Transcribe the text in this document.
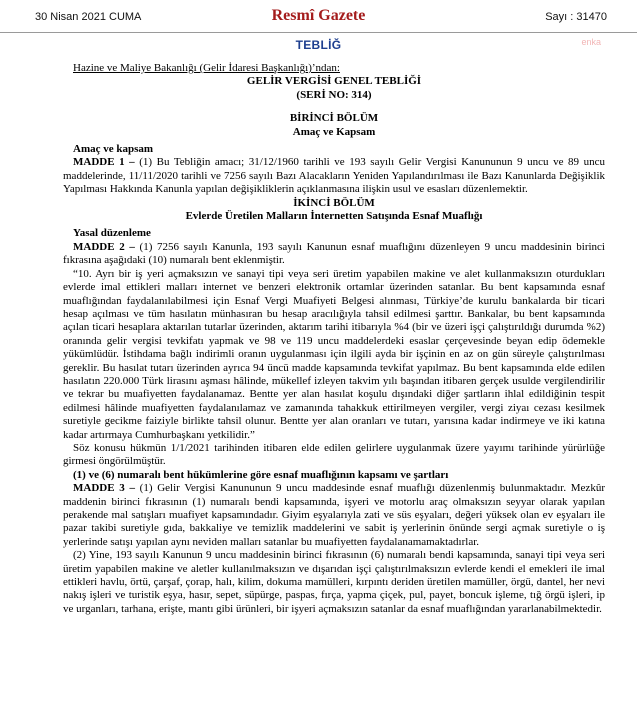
30 Nisan 2021 CUMA	Resmî Gazete	Sayı : 31470
TEBLİĞ	enka

Hazine ve Maliye Bakanlığı (Gelir İdaresi Başkanlığı)’ndan:

GELİR VERGİSİ GENEL TEBLİĞİ

(SERİ NO: 314)

BİRİNCİ BÖLÜM

Amaç ve Kapsam

Amaç ve kapsam

MADDE 1 – (1) Bu Tebliğin amacı; 31/12/1960 tarihli ve 193 sayılı Gelir Vergisi Kanununun 9 uncu ve 89 uncu maddelerinde, 11/11/2020 tarihli ve 7256 sayılı Bazı Alacakların Yeniden Yapılandırılması ile Bazı Kanunlarda Değişiklik Yapılması Hakkında Kanunla yapılan değişikliklerin açıklanmasına ilişkin usul ve esasları düzenlemektir.

İKİNCİ BÖLÜM

Evlerde Üretilen Malların İnternetten Satışında Esnaf Muaflığı

Yasal düzenleme

MADDE 2 – (1) 7256 sayılı Kanunla, 193 sayılı Kanunun esnaf muaflığını düzenleyen 9 uncu maddesinin birinci fıkrasına aşağıdaki (10) numaralı bent eklenmiştir.

“10. Ayrı bir iş yeri açmaksızın ve sanayi tipi veya seri üretim yapabilen makine ve alet kullanmaksızın oturdukları evlerde imal ettikleri malları internet ve benzeri elektronik ortamlar üzerinden satanlar. Bu bent kapsamında esnaf muaflığından faydalanılabilmesi için Esnaf Vergi Muafiyeti Belgesi alınması, Türkiye’de kurulu bankalarda bir ticari hesap açılması ve tüm hasılatın münhasıran bu hesap aracılığıyla tahsil edilmesi şarttır. Bankalar, bu bent kapsamında açılan ticari hesaplara aktarılan tutarlar üzerinden, aktarım tarihi itibarıyla %4 (bir ve üzeri işçi çalıştırıldığı durumda %2) oranında gelir vergisi tevkifatı yapmak ve 98 ve 119 uncu maddelerdeki esaslar çerçevesinde beyan edip ödemekle yükümlüdür. İstihdama bağlı indirimli oranın uygulanması için ilgili ayda bir işçinin en az on gün süreyle çalıştırılması gereklir. Bu hasılat tutarı üzerinden ayrıca 94 üncü madde kapsamında tevkifat yapılmaz. Bu bent kapsamında elde edilen hasılatın 220.000 Türk lirasını aşması hâlinde, mükellef izleyen takvim yılı başından itibaren gerçek usulde vergilendirilir ve tekrar bu muafiyetten faydalanamaz. Bentte yer alan hasılat koşulu dışındaki diğer şartların ihlal edildiğinin tespit edilmesi hâlinde muafiyetten faydalanılamaz ve zamanında tahakkuk ettirilmeyen vergiler, vergi ziyaı cezası kesilmek suretiyle gecikme faiziyle birlikte tahsil olunur. Bentte yer alan oranları ve tutarı, yarısına kadar indirmeye ve iki katına kadar artırmaya Cumhurbaşkanı yetkilidir.”

Söz konusu hükmün 1/1/2021 tarihinden itibaren elde edilen gelirlere uygulanmak üzere yayımı tarihinde yürürlüğe girmesi öngörülmüştür.

(1) ve (6) numaralı bent hükümlerine göre esnaf muaflığının kapsamı ve şartları

MADDE 3 – (1) Gelir Vergisi Kanununun 9 uncu maddesinde esnaf muaflığı düzenlenmiş bulunmaktadır. Mezkûr maddenin birinci fıkrasının (1) numaralı bendi kapsamında, işyeri ve motorlu araç olmaksızın seyyar olarak yapılan perakende mal satışları muafiyet kapsamındadır. Giyim eşyalarıyla zati ve süs eşyaları, değeri yüksek olan ev eşyaları ile pazar takibi suretiyle gıda, bakkaliye ve temizlik maddelerini ve sabit iş yerlerinin önünde sergi açmak suretiyle o iş yerlerinde satışı yapılan aynı neviden malları satanlar bu muafiyetten faydalanamamaktadırlar.

(2) Yine, 193 sayılı Kanunun 9 uncu maddesinin birinci fıkrasının (6) numaralı bendi kapsamında, sanayi tipi veya seri üretim yapabilen makine ve aletler kullanılmaksızın ve dışarıdan işçi çalıştırılmaksızın evlerde kendi el emekleri ile imal ettikleri havlu, örtü, çarşaf, çorap, halı, kilim, dokuma mamülleri, kırpıntı deriden üretilen mamüller, örgü, dantel, her nevi nakış işleri ve turistik eşya, hasır, sepet, süpürge, paspas, fırça, yapma çiçek, pul, payet, boncuk işleme, tığ örgü işleri, ip ve urganları, tarhana, erişte, mantı gibi ürünleri, bir işyeri açmaksızın satanlar da esnaf muaflığından yararlanabilmektedir.
